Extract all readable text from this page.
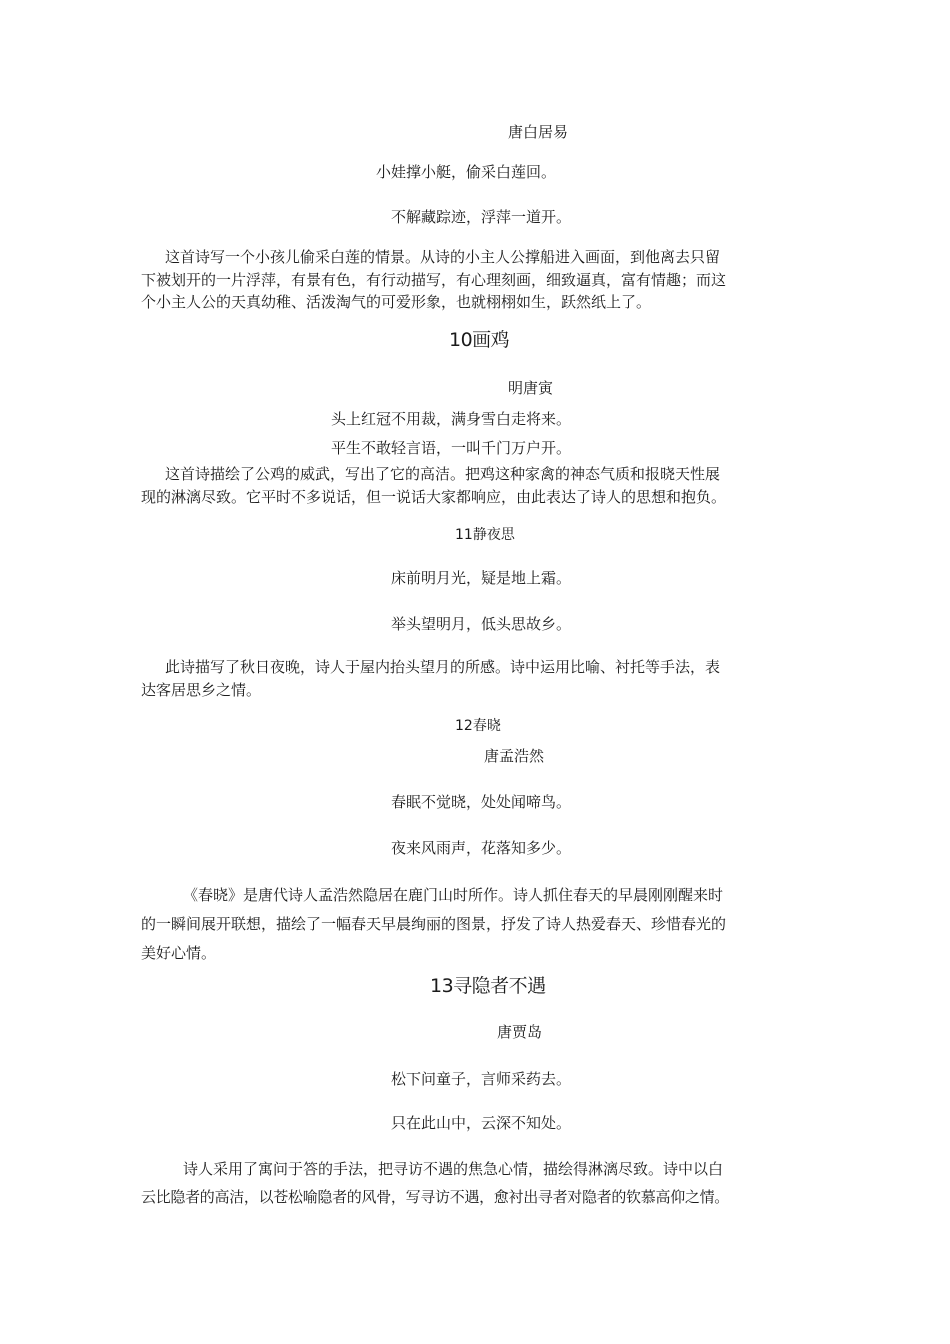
唐白居易
小娃撑小艇，偷采白莲回。
不解藏踪迹，浮萍一道开。
这首诗写一个小孩儿偷采白莲的情景。从诗的小主人公撑船进入画面，到他离去只留
下被划开的一片浮萍，有景有色，有行动描写，有心理刻画，细致逼真，富有情趣；而这
个小主人公的天真幼稚、活泼淘气的可爱形象，也就栩栩如生，跃然纸上了。
10画鸡
明唐寅
头上红冠不用裁，满身雪白走将来。
平生不敢轻言语，一叫千门万户开。
这首诗描绘了公鸡的威武，写出了它的高洁。把鸡这种家禽的神态气质和报晓天性展
现的淋漓尽致。它平时不多说话，但一说话大家都响应，由此表达了诗人的思想和抱负。
11静夜思
床前明月光，疑是地上霜。
举头望明月，低头思故乡。
此诗描写了秋日夜晚，诗人于屋内抬头望月的所感。诗中运用比喻、衬托等手法，表
达客居思乡之情。
12春晓
唐孟浩然
春眠不觉晓，处处闻啼鸟。
夜来风雨声，花落知多少。
《春晓》是唐代诗人孟浩然隐居在鹿门山时所作。诗人抓住春天的早晨刚刚醒来时
的一瞬间展开联想，描绘了一幅春天早晨绚丽的图景，抒发了诗人热爱春天、珍惜春光的
美好心情。
13寻隐者不遇
唐贾岛
松下问童子，言师采药去。
只在此山中，云深不知处。
诗人采用了寓问于答的手法，把寻访不遇的焦急心情，描绘得淋漓尽致。诗中以白
云比隐者的高洁，以苍松喻隐者的风骨，写寻访不遇，愈衬出寻者对隐者的钦慕高仰之情。
